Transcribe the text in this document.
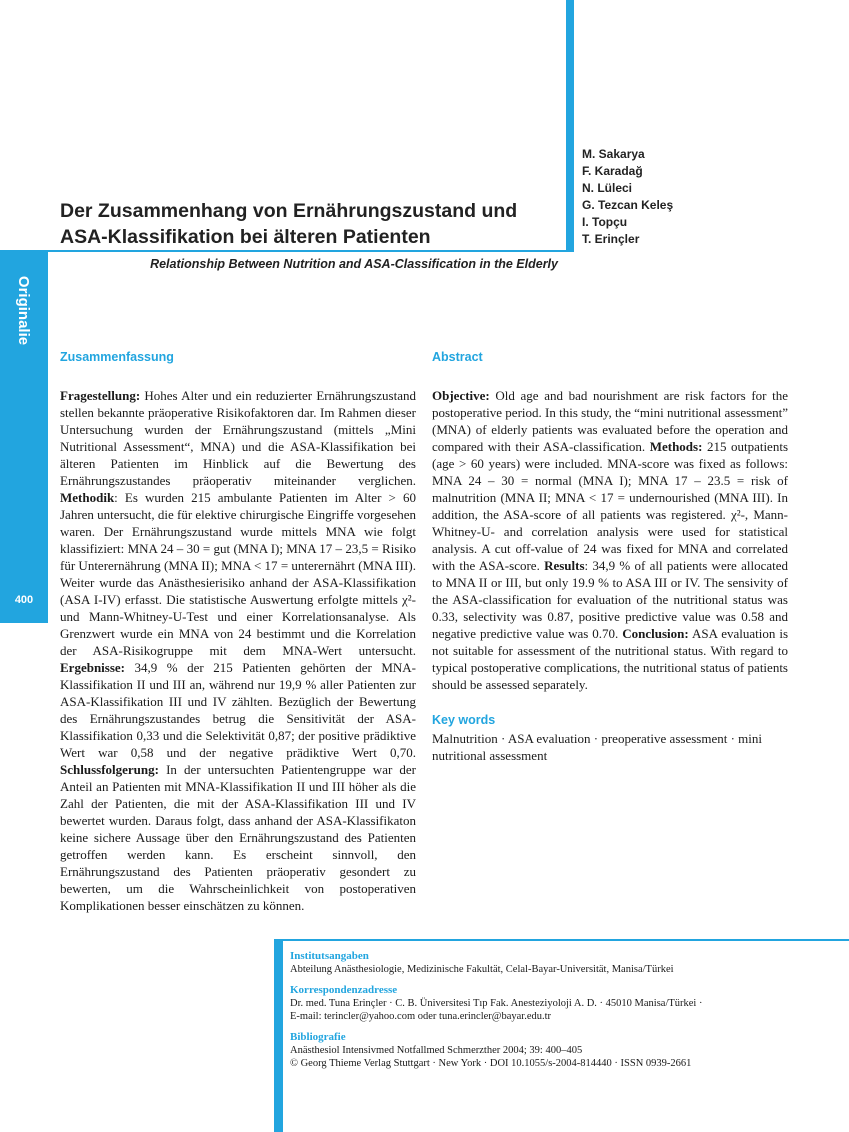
Originalie
400
M. Sakarya
F. Karadağ
N. Lüleci
G. Tezcan Keleş
I. Topçu
T. Erinçler
Der Zusammenhang von Ernährungszustand und
ASA-Klassifikation bei älteren Patienten
Relationship Between Nutrition and ASA-Classification in the Elderly
Zusammenfassung

Fragestellung: Hohes Alter und ein reduzierter Ernährungszustand stellen bekannte präoperative Risikofaktoren dar. Im Rahmen dieser Untersuchung wurden der Ernährungszustand (mittels „Mini Nutritional Assessment“, MNA) und die ASA-Klassifikation bei älteren Patienten im Hinblick auf die Bewertung des Ernährungszustandes präoperativ miteinander verglichen. Methodik: Es wurden 215 ambulante Patienten im Alter > 60 Jahren untersucht, die für elektive chirurgische Eingriffe vorgesehen waren. Der Ernährungszustand wurde mittels MNA wie folgt klassifiziert: MNA 24 – 30 = gut (MNA I); MNA 17 – 23,5 = Risiko für Unterernährung (MNA II); MNA < 17 = unterernährt (MNA III). Weiter wurde das Anästhesierisiko anhand der ASA-Klassifikation (ASA I-IV) erfasst. Die statistische Auswertung erfolgte mittels χ²-und Mann-Whitney-U-Test und einer Korrelationsanalyse. Als Grenzwert wurde ein MNA von 24 bestimmt und die Korrelation der ASA-Risikogruppe mit dem MNA-Wert untersucht. Ergebnisse: 34,9 % der 215 Patienten gehörten der MNA-Klassifikation II und III an, während nur 19,9 % aller Patienten zur ASA-Klassifikation III und IV zählten. Bezüglich der Bewertung des Ernährungszustandes betrug die Sensitivität der ASA-Klassifikation 0,33 und die Selektivität 0,87; der positive prädiktive Wert war 0,58 und der negative prädiktive Wert 0,70. Schlussfolgerung: In der untersuchten Patientengruppe war der Anteil an Patienten mit MNA-Klassifikation II und III höher als die Zahl der Patienten, die mit der ASA-Klassifikation III und IV bewertet wurden. Daraus folgt, dass anhand der ASA-Klassifikaton keine sichere Aussage über den Ernährungszustand des Patienten getroffen werden kann. Es erscheint sinnvoll, den Ernährungszustand des Patienten präoperativ gesondert zu bewerten, um die Wahrscheinlichkeit von postoperativen Komplikationen besser einschätzen zu können.

Abstract

Objective: Old age and bad nourishment are risk factors for the postoperative period. In this study, the “mini nutritional assessment” (MNA) of elderly patients was evaluated before the operation and compared with their ASA-classification. Methods: 215 outpatients (age > 60 years) were included. MNA-score was fixed as follows: MNA 24 – 30 = normal (MNA I); MNA 17 – 23.5 = risk of malnutrition (MNA II; MNA < 17 = undernourished (MNA III). In addition, the ASA-score of all patients was registered. χ²-, Mann-Whitney-U- and correlation analysis were used for statistical analysis. A cut off-value of 24 was fixed for MNA and correlated with the ASA-score. Results: 34,9 % of all patients were allocated to MNA II or III, but only 19.9 % to ASA III or IV. The sensivity of the ASA-classification for evaluation of the nutritional status was 0.33, selectivity was 0.87, positive predictive value was 0.58 and negative predictive value was 0.70. Conclusion: ASA evaluation is not suitable for assessment of the nutritional status. With regard to typical postoperative complications, the nutritional status of patients should be assessed separately.

Key words

Malnutrition · ASA evaluation · preoperative assessment · mini nutritional assessment

Institutsangaben
Abteilung Anästhesiologie, Medizinische Fakultät, Celal-Bayar-Universität, Manisa/Türkei
Korrespondenzadresse
Dr. med. Tuna Erinçler · C. B. Üniversitesi Tıp Fak. Anesteziyoloji A. D. · 45010 Manisa/Türkei ·
E-mail: terincler@yahoo.com oder tuna.erincler@bayar.edu.tr
Bibliografie
Anästhesiol Intensivmed Notfallmed Schmerzther 2004; 39: 400–405
© Georg Thieme Verlag Stuttgart · New York · DOI 10.1055/s-2004-814440 · ISSN 0939-2661
